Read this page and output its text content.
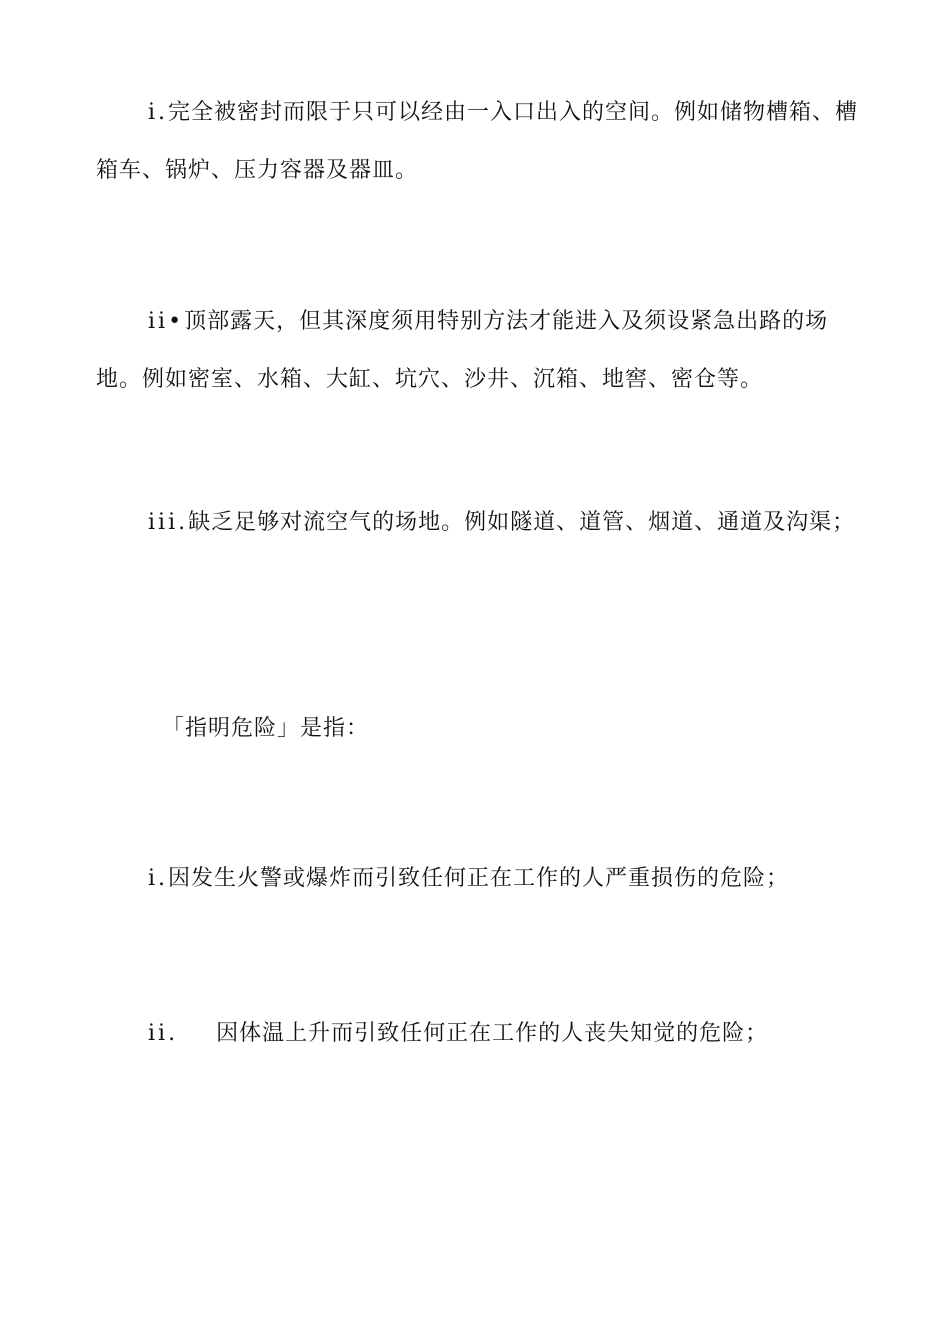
i.完全被密封而限于只可以经由一入口出入的空间。例如储物槽箱、槽箱车、锅炉、压力容器及器皿。

ii•顶部露天，但其深度须用特别方法才能进入及须设紧急出路的场地。例如密室、水箱、大缸、坑穴、沙井、沉箱、地窖、密仓等。

iii.缺乏足够对流空气的场地。例如隧道、道管、烟道、通道及沟渠；

「指明危险」是指：

i.因发生火警或爆炸而引致任何正在工作的人严重损伤的危险；

ii. 因体温上升而引致任何正在工作的人丧失知觉的危险；
